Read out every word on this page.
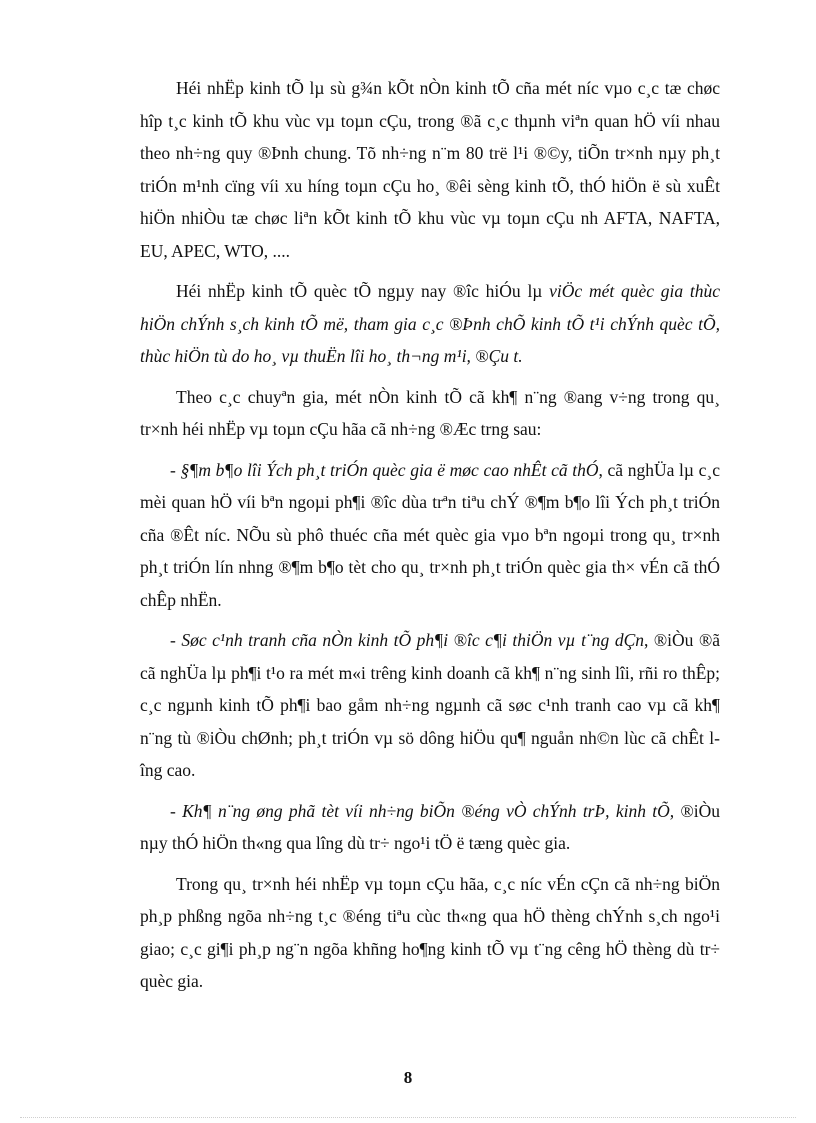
Héi nhËp kinh tÕ lµ sù g¾n kÕt nÒn kinh tÕ cña mét níc vµo c¸c tæ chøc hîp t¸c kinh tÕ khu vùc vµ toµn cÇu, trong ®ã c¸c thµnh viªn quan hÖ víi nhau theo nh÷ng quy ®Þnh chung. Tõ nh÷ng n¨m 80 trë l¹i ®©y, tiÕn tr×nh nµy ph¸t triÓn m¹nh cïng víi xu híng toµn cÇu ho¸ ®êi sèng kinh tÕ, thÓ hiÖn ë sù xuÊt hiÖn nhiÒu tæ chøc liªn kÕt kinh tÕ khu vùc vµ toµn cÇu nh AFTA, NAFTA, EU, APEC, WTO, ....

Héi nhËp kinh tÕ quèc tÕ ngµy nay ®îc hiÓu lµ viÖc mét quèc gia thùc hiÖn chÝnh s¸ch kinh tÕ më, tham gia c¸c ®Þnh chÕ kinh tÕ t¹i chÝnh quèc tÕ, thùc hiÖn tù do ho¸ vµ thuËn lîi ho¸ th¬ng m¹i, ®Çu t.

Theo c¸c chuyªn gia, mét nÒn kinh tÕ cã kh¶ n¨ng ®ang v÷ng trong qu¸ tr×nh héi nhËp vµ toµn cÇu hãa cã nh÷ng ®Æc trng sau:

- §¶m b¶o lîi Ých ph¸t triÓn quèc gia ë møc cao nhÊt cã thÓ, cã nghÜa lµ c¸c mèi quan hÖ víi bªn ngoµi ph¶i ®îc dùa trªn tiªu chÝ ®¶m b¶o lîi Ých ph¸t triÓn cña ®Êt níc. NÕu sù phô thuéc cña mét quèc gia vµo bªn ngoµi trong qu¸ tr×nh ph¸t triÓn lín nhng ®¶m b¶o tèt cho qu¸ tr×nh ph¸t triÓn quèc gia th× vÉn cã thÓ chÊp nhËn.

- Søc c¹nh tranh cña nÒn kinh tÕ ph¶i ®îc c¶i thiÖn vµ t¨ng dÇn, ®iÒu ®ã cã nghÜa lµ ph¶i t¹o ra mét m«i trêng kinh doanh cã kh¶ n¨ng sinh lîi, rñi ro thÊp; c¸c ngµnh kinh tÕ ph¶i bao gåm nh÷ng ngµnh cã søc c¹nh tranh cao vµ cã kh¶ n¨ng tù ®iÒu chØnh; ph¸t triÓn vµ sö dông hiÖu qu¶ nguån nh©n lùc cã chÊt lîng cao.

- Kh¶ n¨ng øng phã tèt víi nh÷ng biÕn ®éng vÒ chÝnh trÞ, kinh tÕ, ®iÒu nµy thÓ hiÖn th«ng qua lîng dù tr÷ ngo¹i tÖ ë tæng quèc gia.

Trong qu¸ tr×nh héi nhËp vµ toµn cÇu hãa, c¸c níc vÉn cÇn cã nh÷ng biÖn ph¸p phßng ngõa nh÷ng t¸c ®éng tiªu cùc th«ng qua hÖ thèng chÝnh s¸ch ngo¹i giao; c¸c gi¶i ph¸p ng¨n ngõa khñng ho¶ng kinh tÕ vµ t¨ng cêng hÖ thèng dù tr÷ quèc gia.

8
